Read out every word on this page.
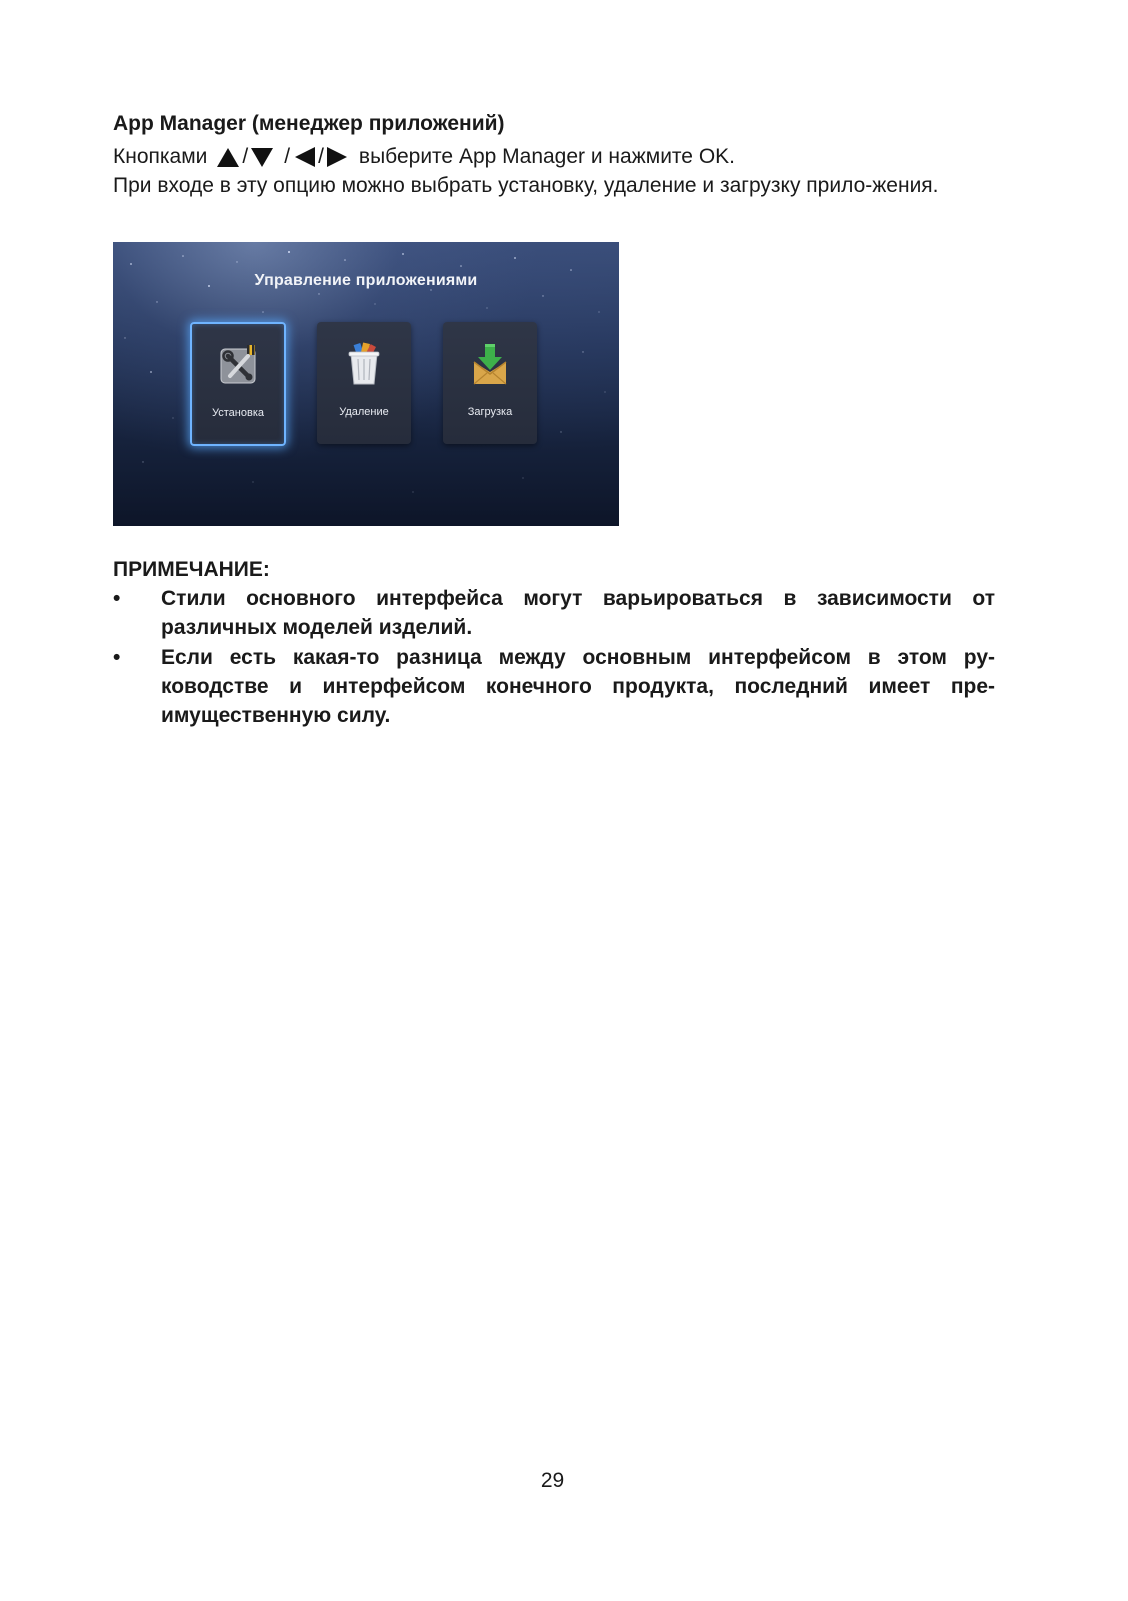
App Manager (менеджер приложений)
Кнопками / / / выберите App Manager и нажмите OK.

При входе в эту опцию можно выбрать установку, удаление и загрузку прило-жения.

Управление приложениями
Установка	Удаление	Загрузка
ПРИМЕЧАНИЕ:
• Стили основного интерфейса могут варьироваться в зависимости от различных моделей изделий.
• Если есть какая-то разница между основным интерфейсом в этом ру-ководстве и интерфейсом конечного продукта, последний имеет пре-имущественную силу.
29
